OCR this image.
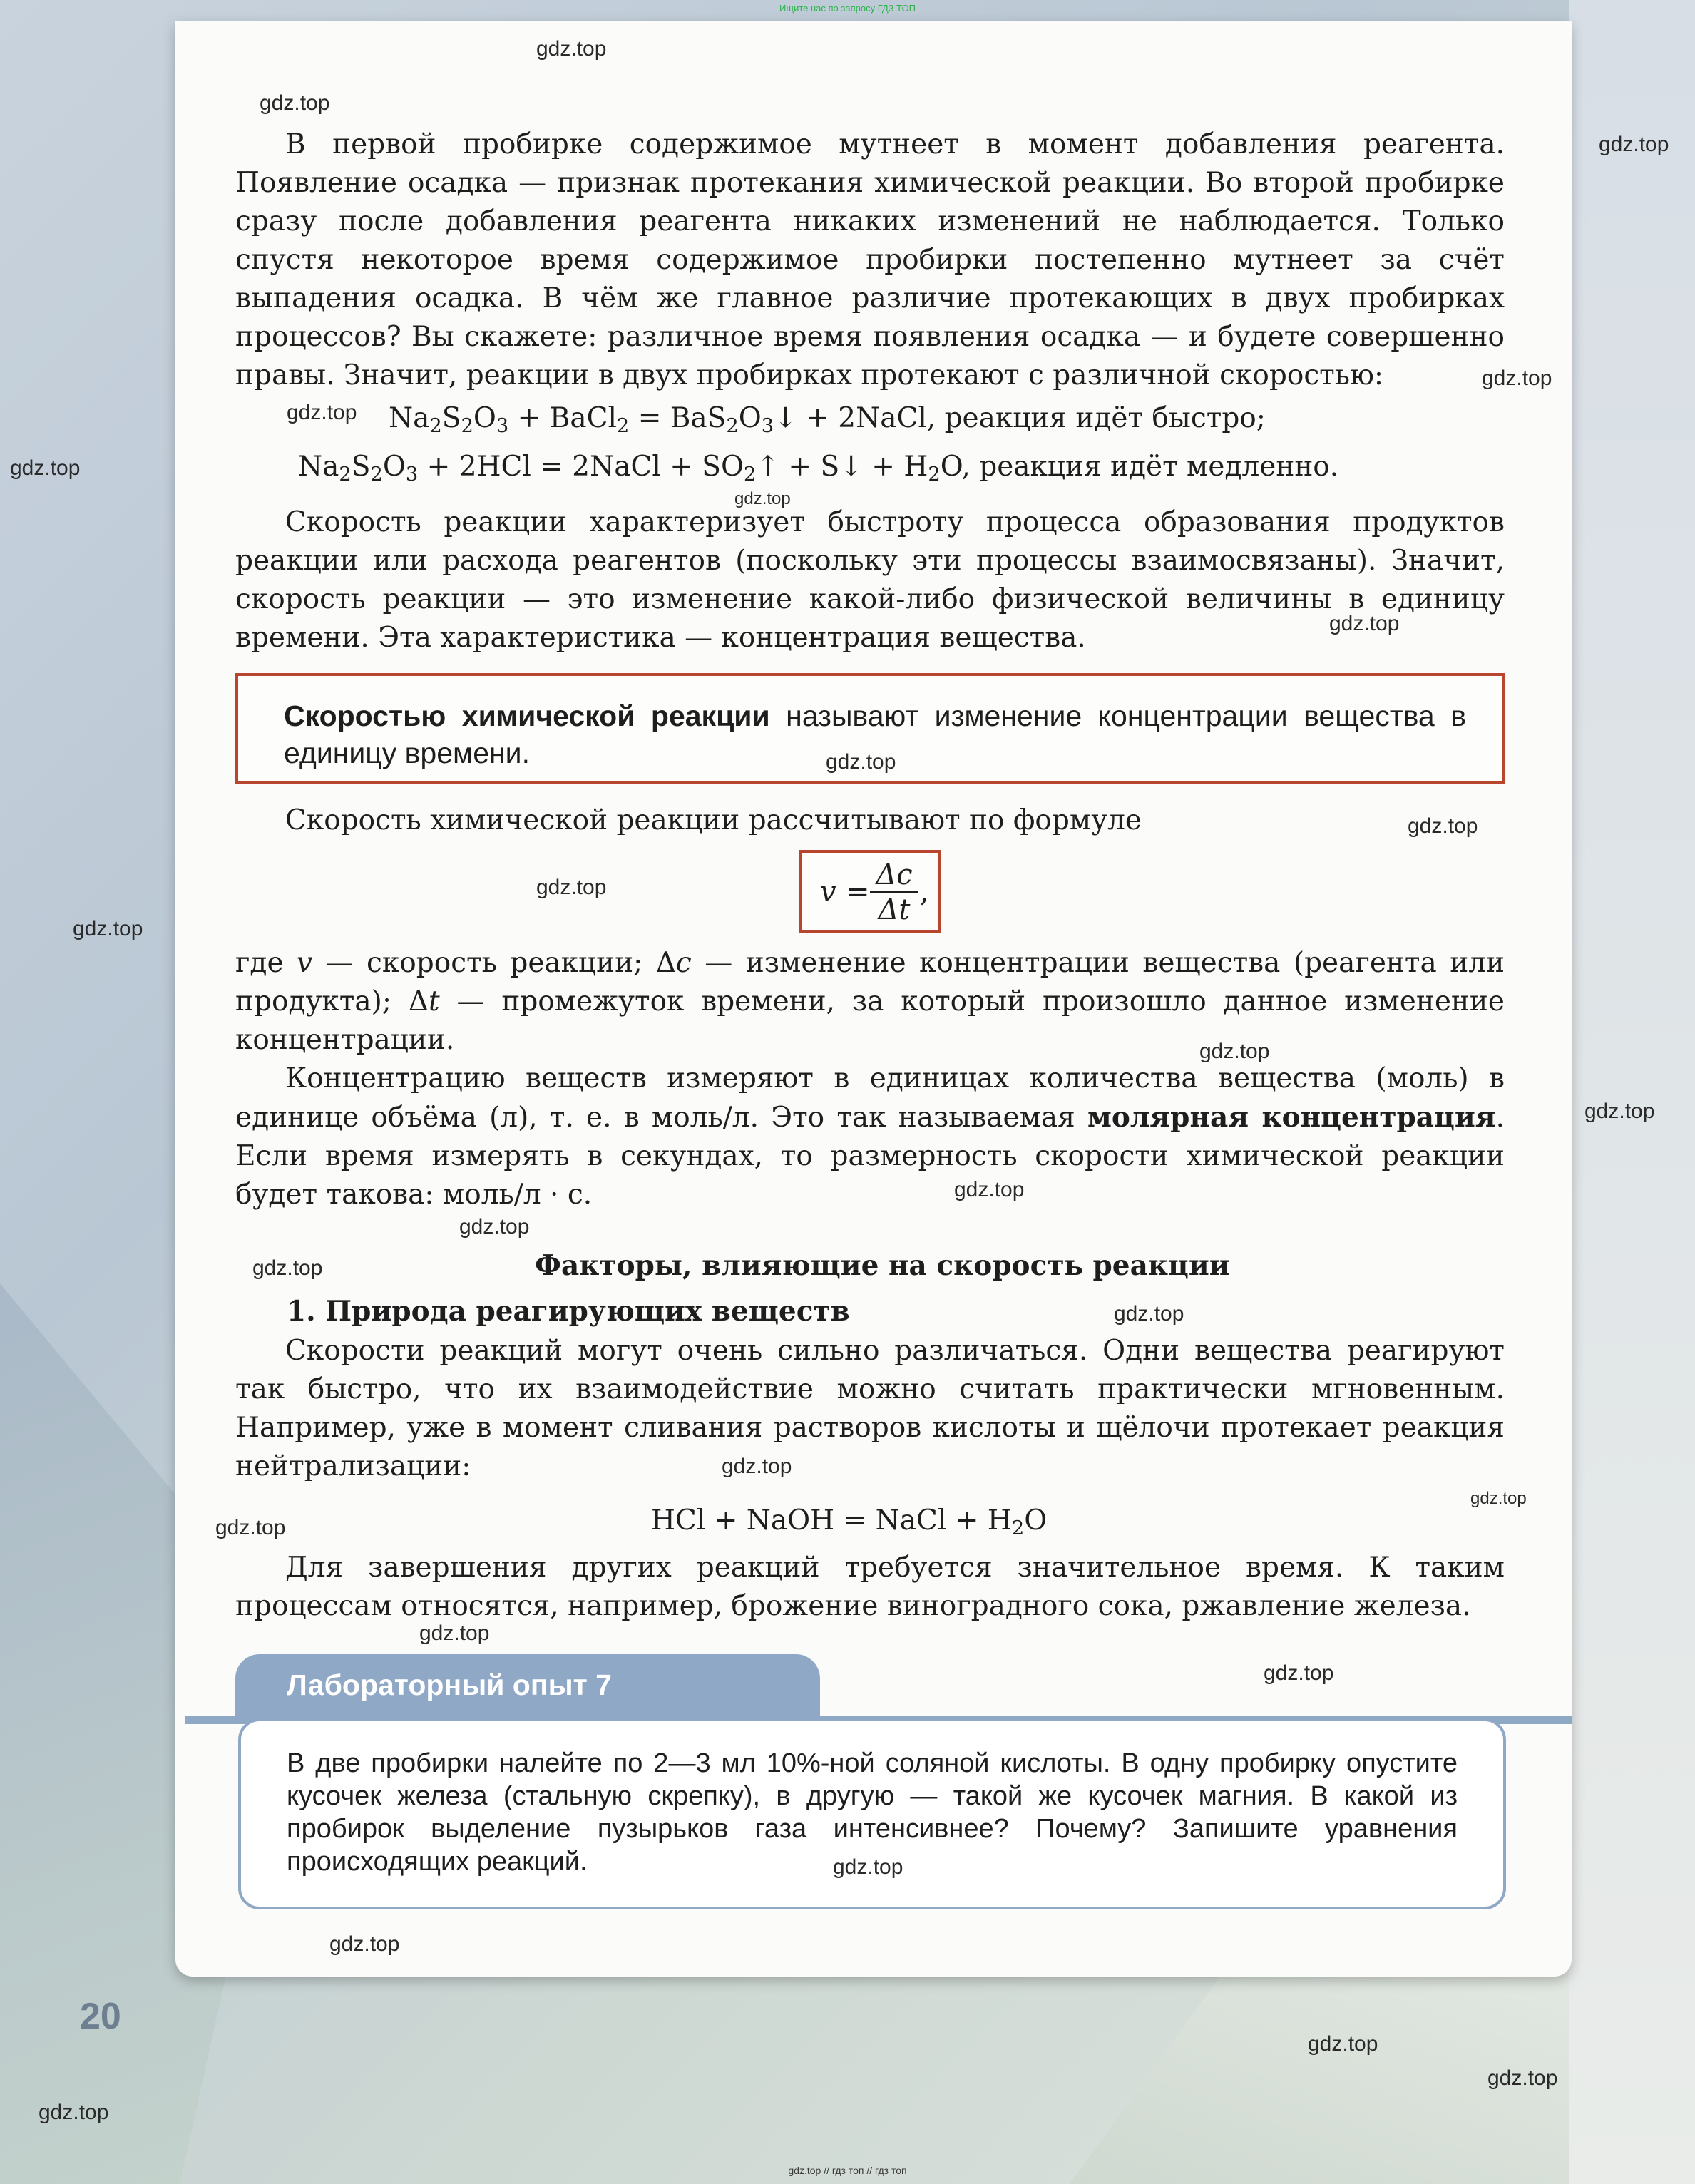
Ищите нас по запросу ГДЗ ТОП

В первой пробирке содержимое мутнеет в момент добавления реагента. Появление осадка — признак протекания химической реакции. Во второй пробирке сразу после добавления реагента никаких изменений не наблюдается. Только спустя некоторое время содержимое пробирки постепенно мутнеет за счёт выпадения осадка. В чём же главное различие протекающих в двух пробирках процессов? Вы скажете: различное время появления осадка — и будете совершенно правы. Значит, реакции в двух пробирках протекают с различной скоростью:

$Na_2S_2O_3$ + BaCl$_2$ = $BaS_2O_3↓$ + 2NaCl, реакция идёт быстро;
$Na_2S_2O_3 + 2HCl$ = 2NaCl + $SO_2↑$ + S↓ + $H_2O$, реакция идёт медленно.

Скорость реакции характеризует быстроту процесса образования продуктов реакции или расхода реагентов (поскольку эти процессы взаимосвязаны). Значит, скорость реакции — это изменение какой-либо физической величины в единицу времени. Эта характеристика — концентрация вещества.

Скоростью химической реакции называют изменение концентрации вещества в единицу времени.

Скорость химической реакции рассчитывают по формуле

v =
Δc
Δt
,

где v — скорость реакции; Δc — изменение концентрации вещества (реагента или продукта); Δt — промежуток времени, за который произошло данное изменение концентрации.

Концентрацию веществ измеряют в единицах количества вещества (моль) в единице объёма (л), т. е. в моль/л. Это так называемая молярная концентрация. Если время измерять в секундах, то размерность скорости химической реакции будет такова: моль/л · с.

Факторы, влияющие на скорость реакции
1. Природа реагирующих веществ

Скорости реакций могут очень сильно различаться. Одни вещества реагируют так быстро, что их взаимодействие можно считать практически мгновенным. Например, уже в момент сливания растворов кислоты и щёлочи протекает реакция нейтрализации:

HCl + NaOH = NaCl + $H_2O$

Для завершения других реакций требуется значительное время. К таким процессам относятся, например, брожение виноградного сока, ржавление железа.

Лабораторный опыт 7
В две пробирки налейте по 2—3 мл 10%-ной соляной кислоты. В одну пробирку опустите кусочек железа (стальную скрепку), в другую — такой же кусочек магния. В какой из пробирок выделение пузырьков газа интенсивнее? Почему? Запишите уравнения происходящих реакций.
20
gdz.top
gdz.top
gdz.top
gdz.top
gdz.top
gdz.top
gdz.top
gdz.top
gdz.top
gdz.top
gdz.top
gdz.top
gdz.top
gdz.top
gdz.top
gdz.top
gdz.top
gdz.top
gdz.top
gdz.top
gdz.top
gdz.top
gdz.top
gdz.top
gdz.top
gdz.top
gdz.top
gdz.top
gdz.top // гдз топ // гдз топ
